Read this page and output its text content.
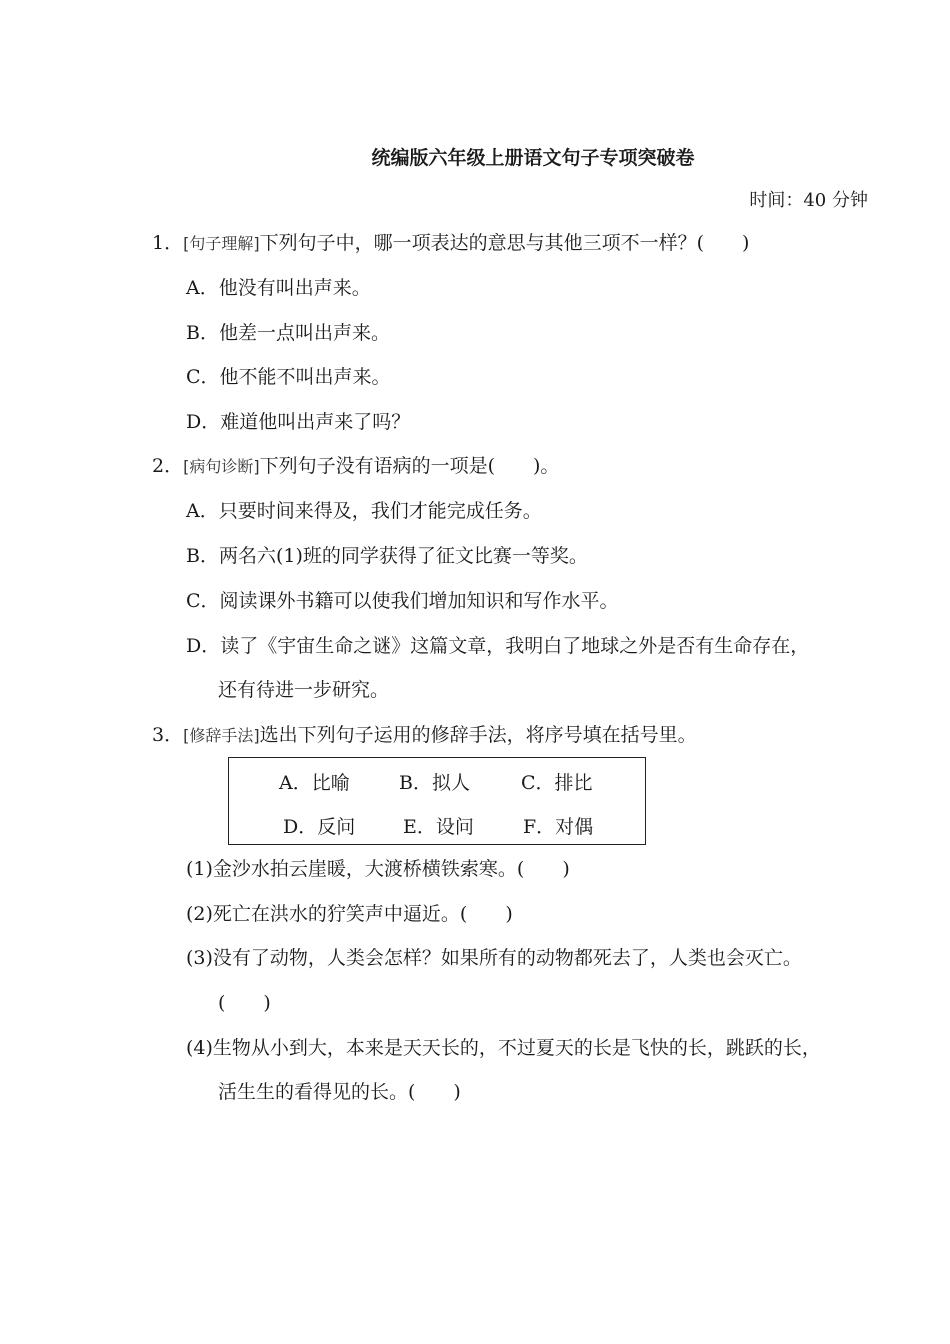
统编版六年级上册语文句子专项突破卷
时间：40 分钟
1．[句子理解]下列句子中，哪一项表达的意思与其他三项不一样？(　　)
A．他没有叫出声来。
B．他差一点叫出声来。
C．他不能不叫出声来。
D．难道他叫出声来了吗？
2．[病句诊断]下列句子没有语病的一项是(　　)。
A．只要时间来得及，我们才能完成任务。
B．两名六(1)班的同学获得了征文比赛一等奖。
C．阅读课外书籍可以使我们增加知识和写作水平。
D．读了《宇宙生命之谜》这篇文章，我明白了地球之外是否有生命存在，
还有待进一步研究。
3．[修辞手法]选出下列句子运用的修辞手法，将序号填在括号里。
A．比喻	B．拟人	C．排比
D．反问	E．设问	F．对偶
(1)金沙水拍云崖暖，大渡桥横铁索寒。(　　)
(2)死亡在洪水的狞笑声中逼近。(　　)
(3)没有了动物，人类会怎样？如果所有的动物都死去了，人类也会灭亡。
(　　)
(4)生物从小到大，本来是天天长的，不过夏天的长是飞快的长，跳跃的长，
活生生的看得见的长。(　　)
